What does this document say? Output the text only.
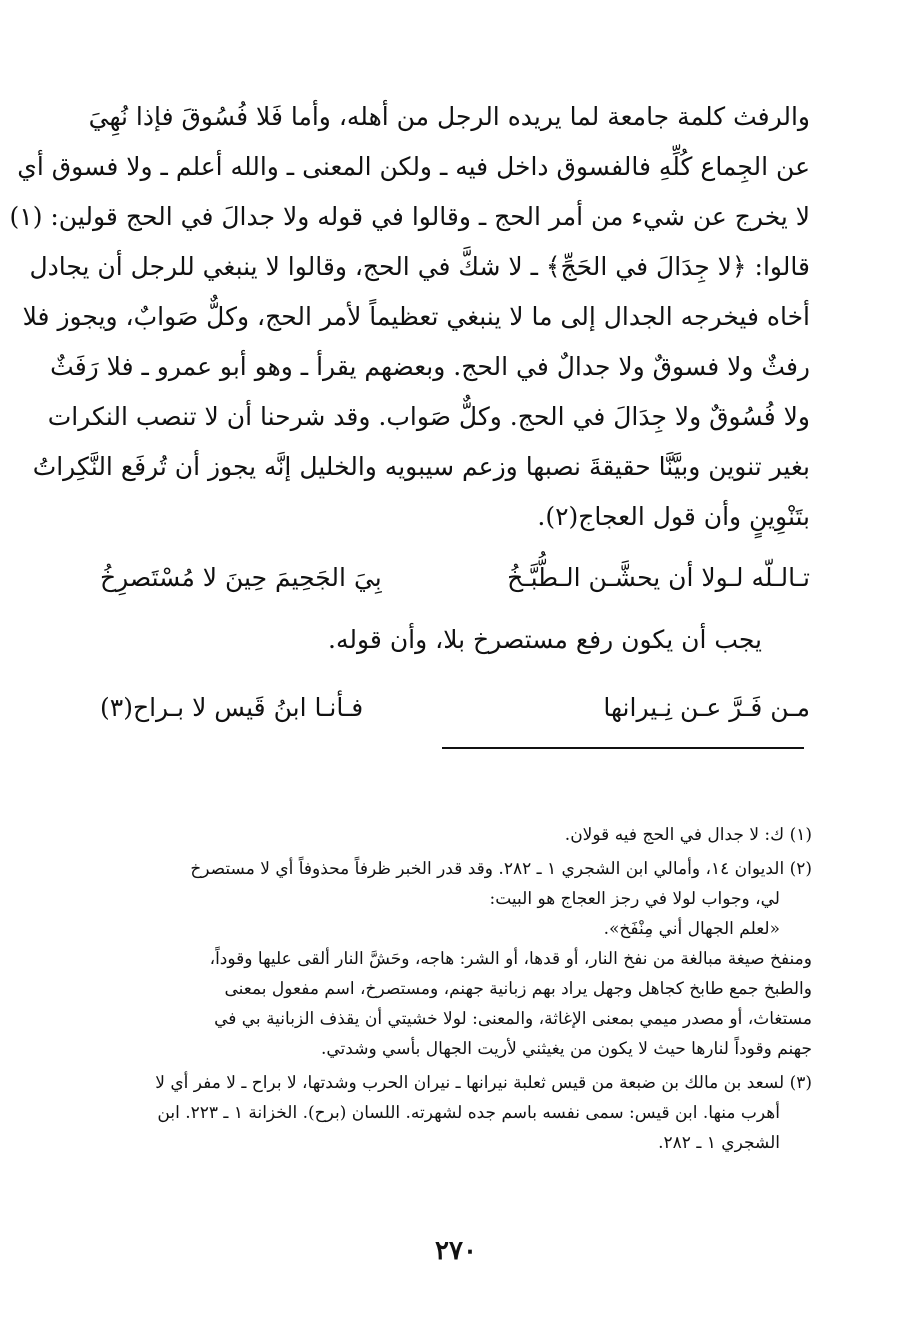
والرفث كلمة جامعة لما يريده الرجل من أهله، وأما فَلا فُسُوقَ فإذا نُهِيَ
عن الجِماع كُلِّهِ فالفسوق داخل فيه ـ ولكن المعنى ـ والله أعلم ـ ولا فسوق أي
لا يخرج عن شيء من أمر الحج ـ وقالوا في قوله ولا جدالَ في الحج قولين: (١)
قالوا: ﴿لا جِدَالَ في الحَجِّ﴾ ـ لا شكَّ في الحج، وقالوا لا ينبغي للرجل أن يجادل
أخاه فيخرجه الجدال إلى ما لا ينبغي تعظيماً لأمر الحج، وكلٌّ صَوابٌ، ويجوز فلا
رفثٌ ولا فسوقٌ ولا جدالٌ في الحج. وبعضهم يقرأ ـ وهو أبو عمرو ـ فلا رَفَثٌ
ولا فُسُوقٌ ولا جِدَالَ في الحج. وكلٌّ صَواب. وقد شرحنا أن لا تنصب النكرات
بغير تنوين وبيَّنَّا حقيقةَ نصبها وزعم سيبويه والخليل إنَّه يجوز أن تُرفَع النَّكِراتُ
بتَنْوِينٍ وأن قول العجاج(٢).
تـالـلّه لـولا أن يحشَّـن الـطُّبَّـخُ
بِيَ الجَحِيمَ حِينَ لا مُسْتَصرِخُ
يجب أن يكون رفع مستصرخ بلا، وأن قوله.
مـن فَـرَّ عـن نِـيرانها
فـأنـا ابنُ قَيس لا بـراح(٣)
(١) ك: لا جدال في الحج فيه قولان.
(٢) الديوان ١٤، وأمالي ابن الشجري ١ ـ ٢٨٢. وقد قدر الخبر ظرفاً محذوفاً أي لا مستصرخ
لي، وجواب لولا في رجز العجاج هو البيت:
«لعلم الجهال أني مِنْفَخ».
ومنفخ صيغة مبالغة من نفخ النار، أو قدها، أو الشر: هاجه، وحَشَّ النار ألقى عليها وقوداً،
والطبخ جمع طابخ كجاهل وجهل يراد بهم زبانية جهنم، ومستصرخ، اسم مفعول بمعنى
مستغاث، أو مصدر ميمي بمعنى الإغاثة، والمعنى: لولا خشيتي أن يقذف الزبانية بي في
جهنم وقوداً لنارها حيث لا يكون من يغيثني لأريت الجهال بأسي وشدتي.
(٣) لسعد بن مالك بن ضبعة من قيس ثعلبة نيرانها ـ نيران الحرب وشدتها، لا براح ـ لا مفر أي لا
أهرب منها. ابن قيس: سمى نفسه باسم جده لشهرته. اللسان (برح). الخزانة ١ ـ ٢٢٣. ابن
الشجري ١ ـ ٢٨٢.
٢٧٠
